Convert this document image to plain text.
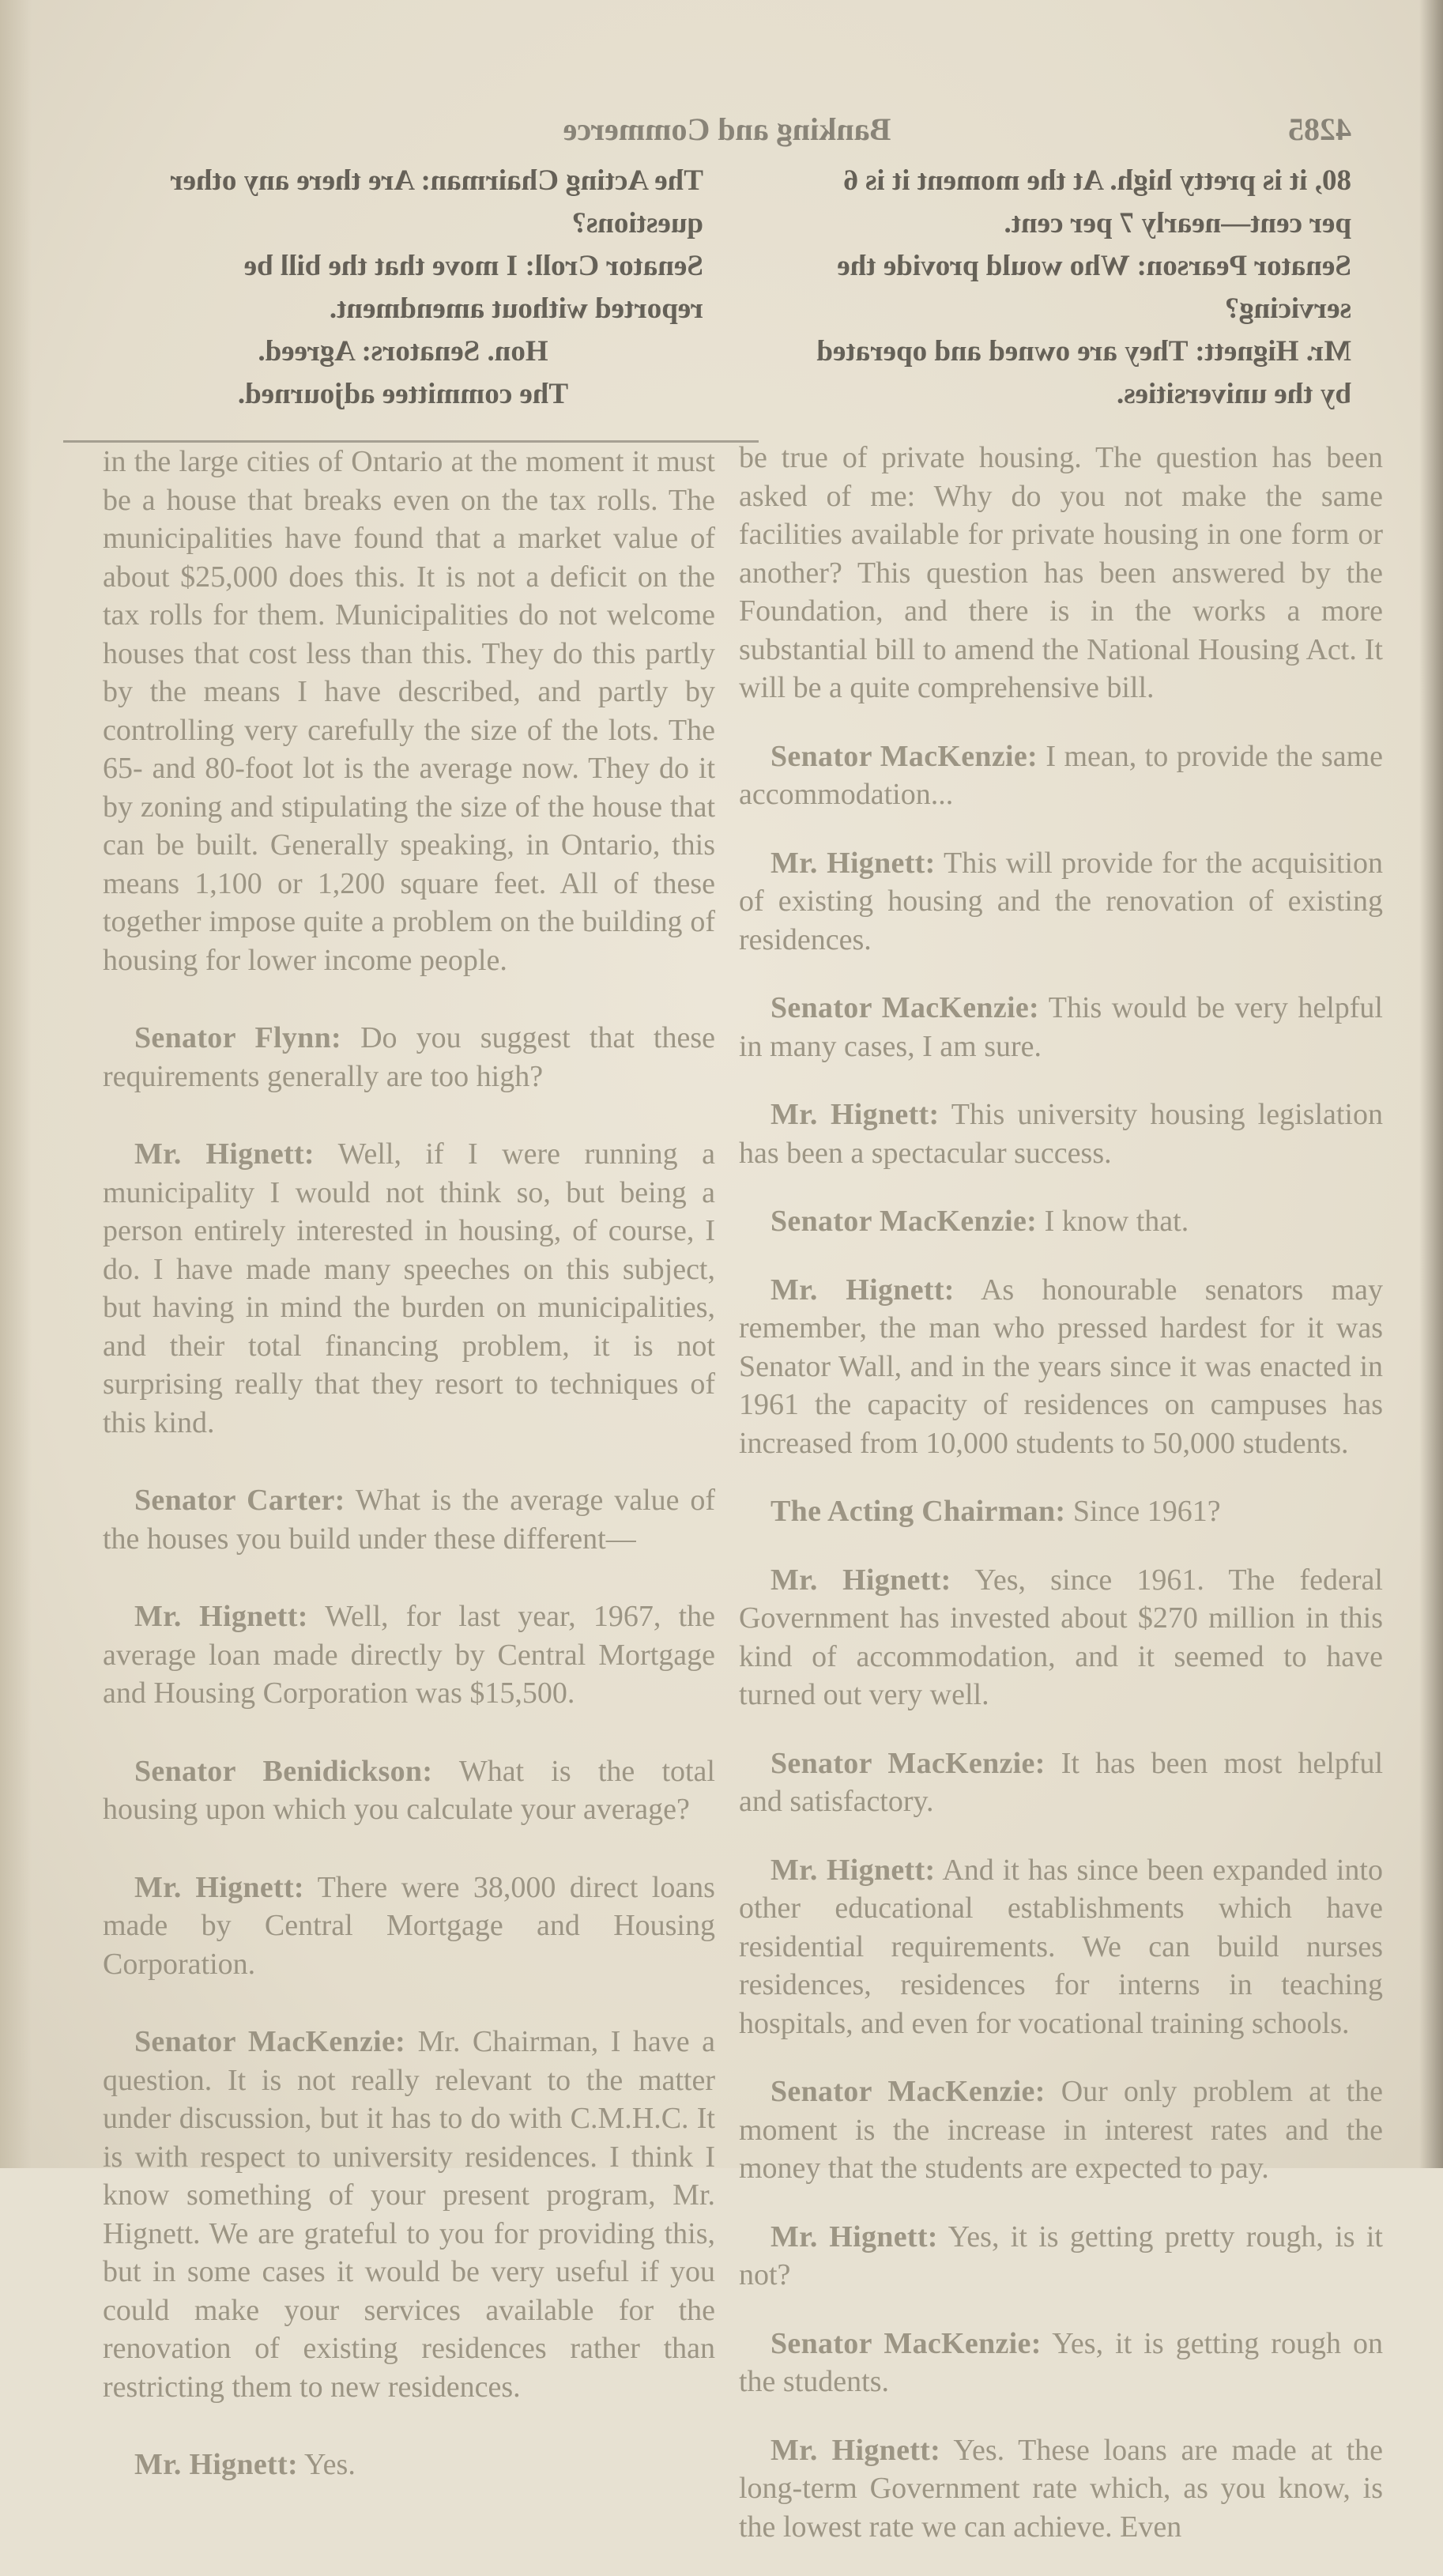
4285
Banking and Commerce

80, it is pretty high. At the moment it is 6

per cent—nearly 7 per cent.

Senator Pearson: Who would provide the

servicing?

Mr. Hignett: They are owned and operated

by the universities.

The Acting Chairman: Are there any other

questions?

Senator Croll: I move that the bill be

reported without amendment.

Hon. Senators: Agreed.

The committee adjourned.

in the large cities of Ontario at the moment it must be a house that breaks even on the tax rolls. The municipalities have found that a market value of about $25,000 does this. It is not a deficit on the tax rolls for them. Municipalities do not welcome houses that cost less than this. They do this partly by the means I have described, and partly by controlling very carefully the size of the lots. The 65- and 80-foot lot is the average now. They do it by zoning and stipulating the size of the house that can be built. Generally speaking, in Ontario, this means 1,100 or 1,200 square feet. All of these together impose quite a problem on the building of housing for lower income people.

Senator Flynn: Do you suggest that these requirements generally are too high?

Mr. Hignett: Well, if I were running a municipality I would not think so, but being a person entirely interested in housing, of course, I do. I have made many speeches on this subject, but having in mind the burden on municipalities, and their total financing problem, it is not surprising really that they resort to techniques of this kind.

Senator Carter: What is the average value of the houses you build under these different—

Mr. Hignett: Well, for last year, 1967, the average loan made directly by Central Mortgage and Housing Corporation was $15,500.

Senator Benidickson: What is the total housing upon which you calculate your average?

Mr. Hignett: There were 38,000 direct loans made by Central Mortgage and Housing Corporation.

Senator MacKenzie: Mr. Chairman, I have a question. It is not really relevant to the matter under discussion, but it has to do with C.M.H.C. It is with respect to university residences. I think I know something of your present program, Mr. Hignett. We are grateful to you for providing this, but in some cases it would be very useful if you could make your services available for the renovation of existing residences rather than restricting them to new residences.

Mr. Hignett: Yes.

be true of private housing. The question has been asked of me: Why do you not make the same facilities available for private housing in one form or another? This question has been answered by the Foundation, and there is in the works a more substantial bill to amend the National Housing Act. It will be a quite comprehensive bill.

Senator MacKenzie: I mean, to provide the same accommodation...

Mr. Hignett: This will provide for the acquisition of existing housing and the renovation of existing residences.

Senator MacKenzie: This would be very helpful in many cases, I am sure.

Mr. Hignett: This university housing legislation has been a spectacular success.

Senator MacKenzie: I know that.

Mr. Hignett: As honourable senators may remember, the man who pressed hardest for it was Senator Wall, and in the years since it was enacted in 1961 the capacity of residences on campuses has increased from 10,000 students to 50,000 students.

The Acting Chairman: Since 1961?

Mr. Hignett: Yes, since 1961. The federal Government has invested about $270 million in this kind of accommodation, and it seemed to have turned out very well.

Senator MacKenzie: It has been most helpful and satisfactory.

Mr. Hignett: And it has since been expanded into other educational establishments which have residential requirements. We can build nurses residences, residences for interns in teaching hospitals, and even for vocational training schools.

Senator MacKenzie: Our only problem at the moment is the increase in interest rates and the money that the students are expected to pay.

Mr. Hignett: Yes, it is getting pretty rough, is it not?

Senator MacKenzie: Yes, it is getting rough on the students.

Mr. Hignett: Yes. These loans are made at the long-term Government rate which, as you know, is the lowest rate we can achieve. Even
